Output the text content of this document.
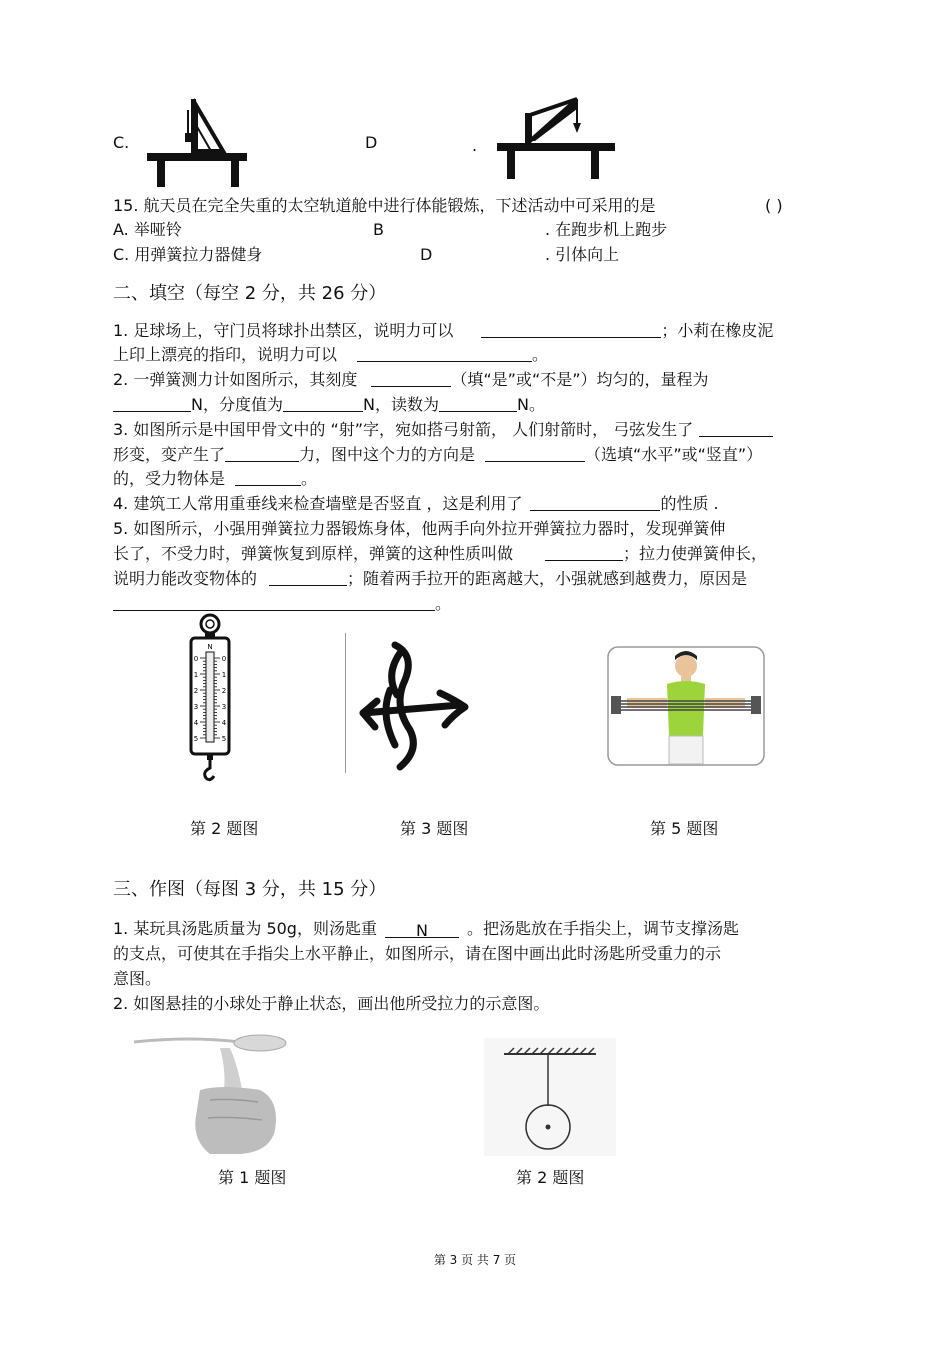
C.	D	.
15. 航天员在完全失重的太空轨道舱中进行体能锻炼，下述活动中可采用的是	( )
A. 举哑铃	B	. 在跑步机上跑步
C. 用弹簧拉力器健身	D	. 引体向上
二、填空（每空 2 分，共 26 分）
1. 足球场上，守门员将球扑出禁区，说明力可以	；小莉在橡皮泥
上印上漂亮的指印，说明力可以	。
2. 一弹簧测力计如图所示，其刻度	（填“是”或“不是”）均匀的，量程为
N，分度值为	N，读数为	N。
3. 如图所示是中国甲骨文中的 “射”字，宛如搭弓射箭， 人们射箭时， 弓弦发生了
形变，变产生了	力，图中这个力的方向是	（选填“水平”或“竖直”）
的，受力物体是	。
4. 建筑工人常用重垂线来检查墙壁是否竖直 ，这是利用了	的性质 .
5. 如图所示，小强用弹簧拉力器锻炼身体，他两手向外拉开弹簧拉力器时，发现弹簧伸
长了，不受力时，弹簧恢复到原样，弹簧的这种性质叫做	；拉力使弹簧伸长，
说明力能改变物体的	；随着两手拉开的距离越大，小强就感到越费力，原因是
。
N
0	0
1	1
2	2
3	3
4	4
5	5
第 2 题图	第 3 题图	第 5 题图
三、作图（每图 3 分，共 15 分）
1. 某玩具汤匙质量为 50g，则汤匙重 N 。把汤匙放在手指尖上，调节支撑汤匙
的支点，可使其在手指尖上水平静止，如图所示，请在图中画出此时汤匙所受重力的示
意图。
2. 如图悬挂的小球处于静止状态，画出他所受拉力的示意图。
第 1 题图	第 2 题图
第 3 页 共 7 页
